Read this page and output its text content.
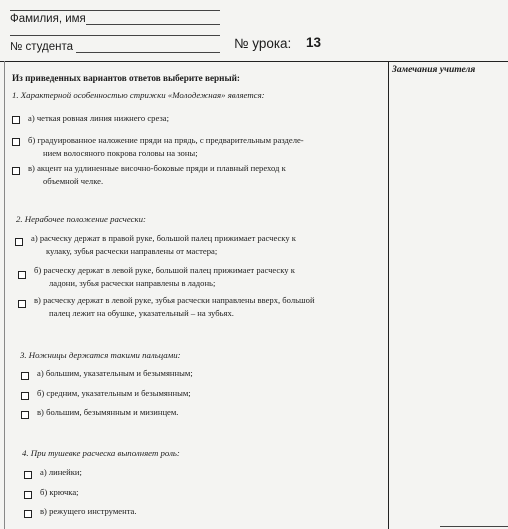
Фамилия, имя
№ студента	№ урока: 13
Замечания учителя
Из приведенных вариантов ответов выберите верный:
1. Характерной особенностью стрижки «Молодежная» является:
а) четкая ровная линия нижнего среза;
б) градуированное наложение пряди на прядь, с предварительным разделе-
нием волосяного покрова головы на зоны;
в) акцент на удлиненные височно-боковые пряди и плавный переход к
объемной челке.
2. Нерабочее положение расчески:
а) расческу держат в правой руке, большой палец прижимает расческу к
кулаку, зубья расчески направлены от мастера;
б) расческу держат в левой руке, большой палец прижимает расческу к
ладони, зубья расчески направлены в ладонь;
в) расческу держат в левой руке, зубья расчески направлены вверх, большой
палец лежит на обушке, указательный – на зубьях.
3. Ножницы держатся такими пальцами:
а) большим, указательным и безымянным;
б) средним, указательным и безымянным;
в) большим, безымянным и мизинцем.
4. При тушевке расческа выполняет роль:
а) линейки;
б) крючка;
в) режущего инструмента.
